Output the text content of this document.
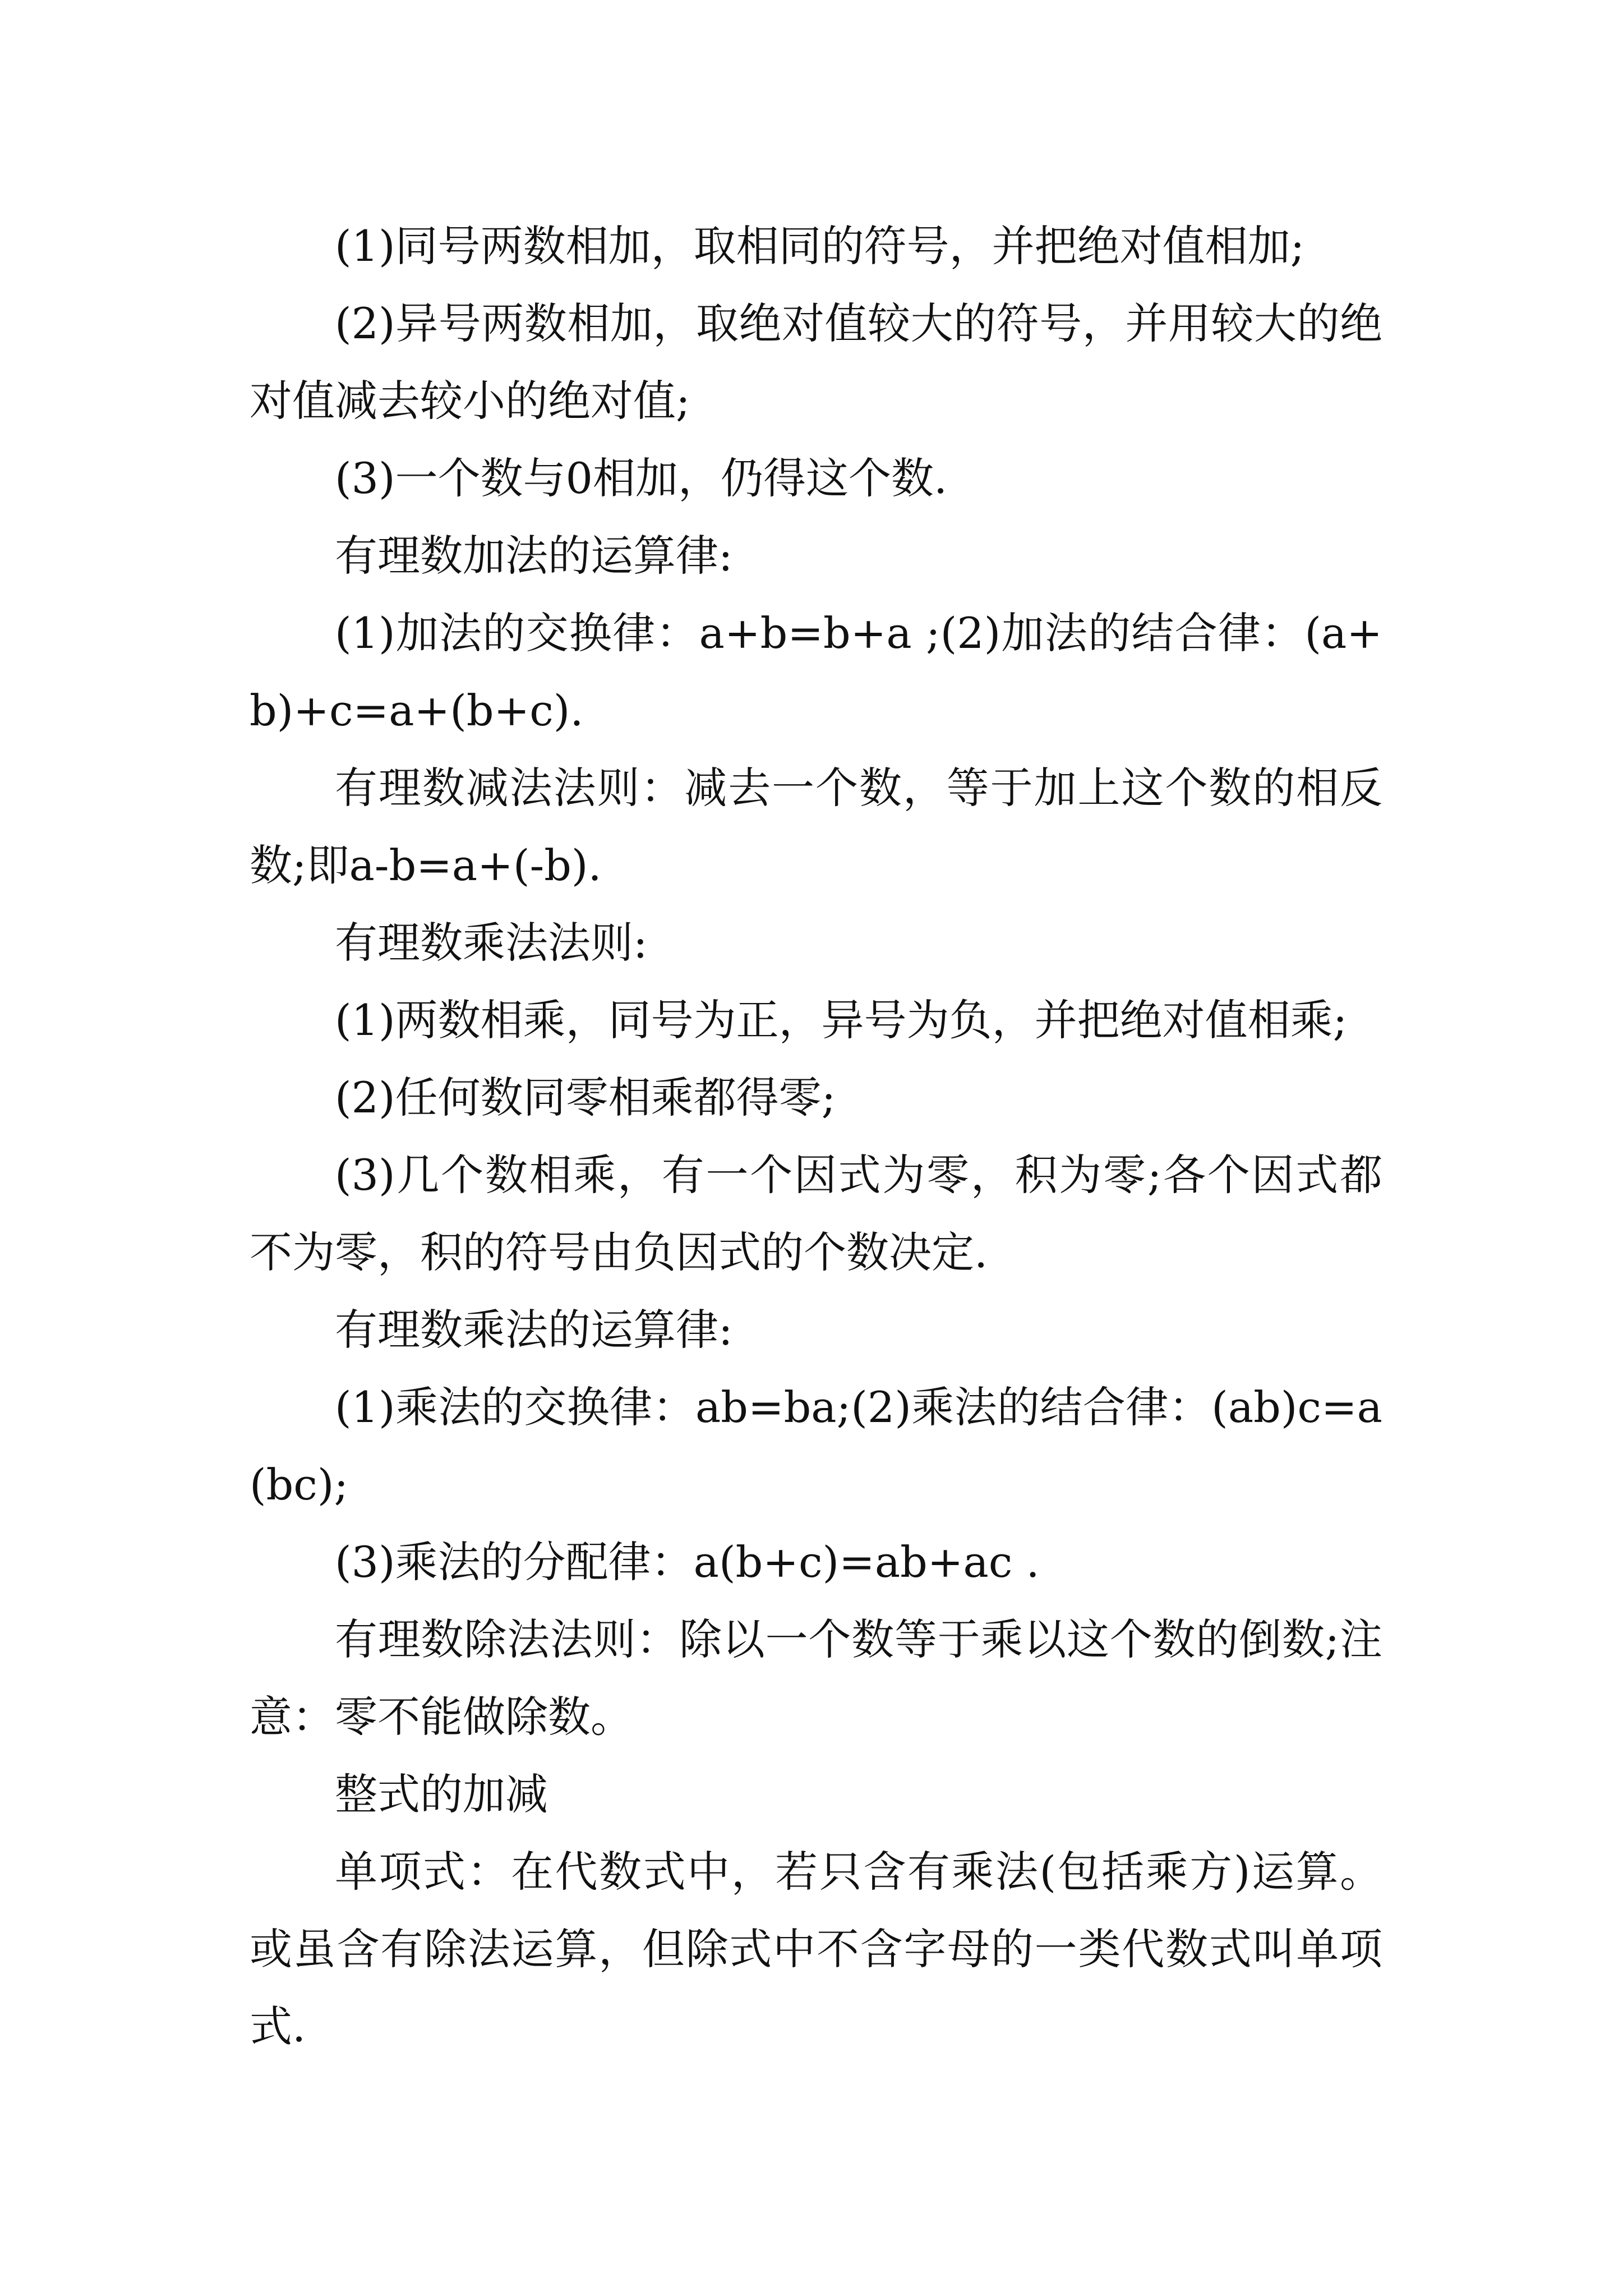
(1)同号两数相加，取相同的符号，并把绝对值相加;

(2)异号两数相加，取绝对值较大的符号，并用较大的绝对值减去较小的绝对值;

(3)一个数与0相加，仍得这个数.

有理数加法的运算律:

(1)加法的交换律：a+b=b+a ;(2)加法的结合律：(a+b)+c=a+(b+c).

有理数减法法则：减去一个数，等于加上这个数的相反数;即a-b=a+(-b).

有理数乘法法则:

(1)两数相乘，同号为正，异号为负，并把绝对值相乘;

(2)任何数同零相乘都得零;

(3)几个数相乘，有一个因式为零，积为零;各个因式都不为零，积的符号由负因式的个数决定.

有理数乘法的运算律:

(1)乘法的交换律：ab=ba;(2)乘法的结合律：(ab)c=a(bc);

(3)乘法的分配律：a(b+c)=ab+ac .

有理数除法法则：除以一个数等于乘以这个数的倒数;注意：零不能做除数。

整式的加减

单项式：在代数式中，若只含有乘法(包括乘方)运算。或虽含有除法运算，但除式中不含字母的一类代数式叫单项式.
